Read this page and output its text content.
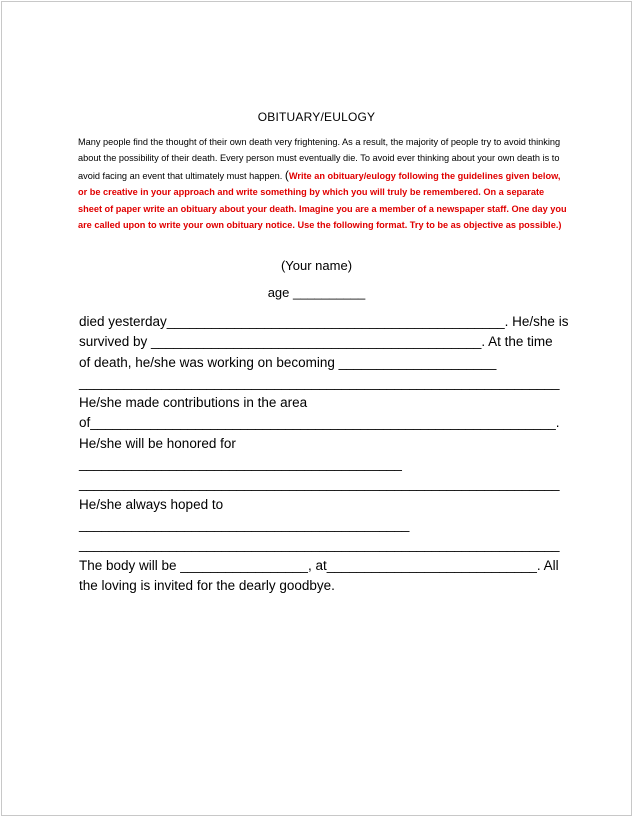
OBITUARY/EULOGY
Many people find the thought of their own death very frightening. As a result, the majority of people try to avoid thinking about the possibility of their death. Every person must eventually die. To avoid ever thinking about your own death is to avoid facing an event that ultimately must happen. (Write an obituary/eulogy following the guidelines given below, or be creative in your approach and write something by which you will truly be remembered. On a separate sheet of paper write an obituary about your death. Imagine you are a member of a newspaper staff. One day you are called upon to write your own obituary notice. Use the following format. Try to be as objective as possible.)
(Your name)
age __________
died yesterday_____________________________________________. He/she is
survived by ____________________________________________. At the time
of death, he/she was working on becoming _____________________
________________________________________________________________
He/she made contributions in the area
of______________________________________________________________.
He/she will be honored for
___________________________________________
________________________________________________________________
He/she always hoped to
____________________________________________
________________________________________________________________
The body will be _________________, at____________________________. All
the loving is invited for the dearly goodbye.
